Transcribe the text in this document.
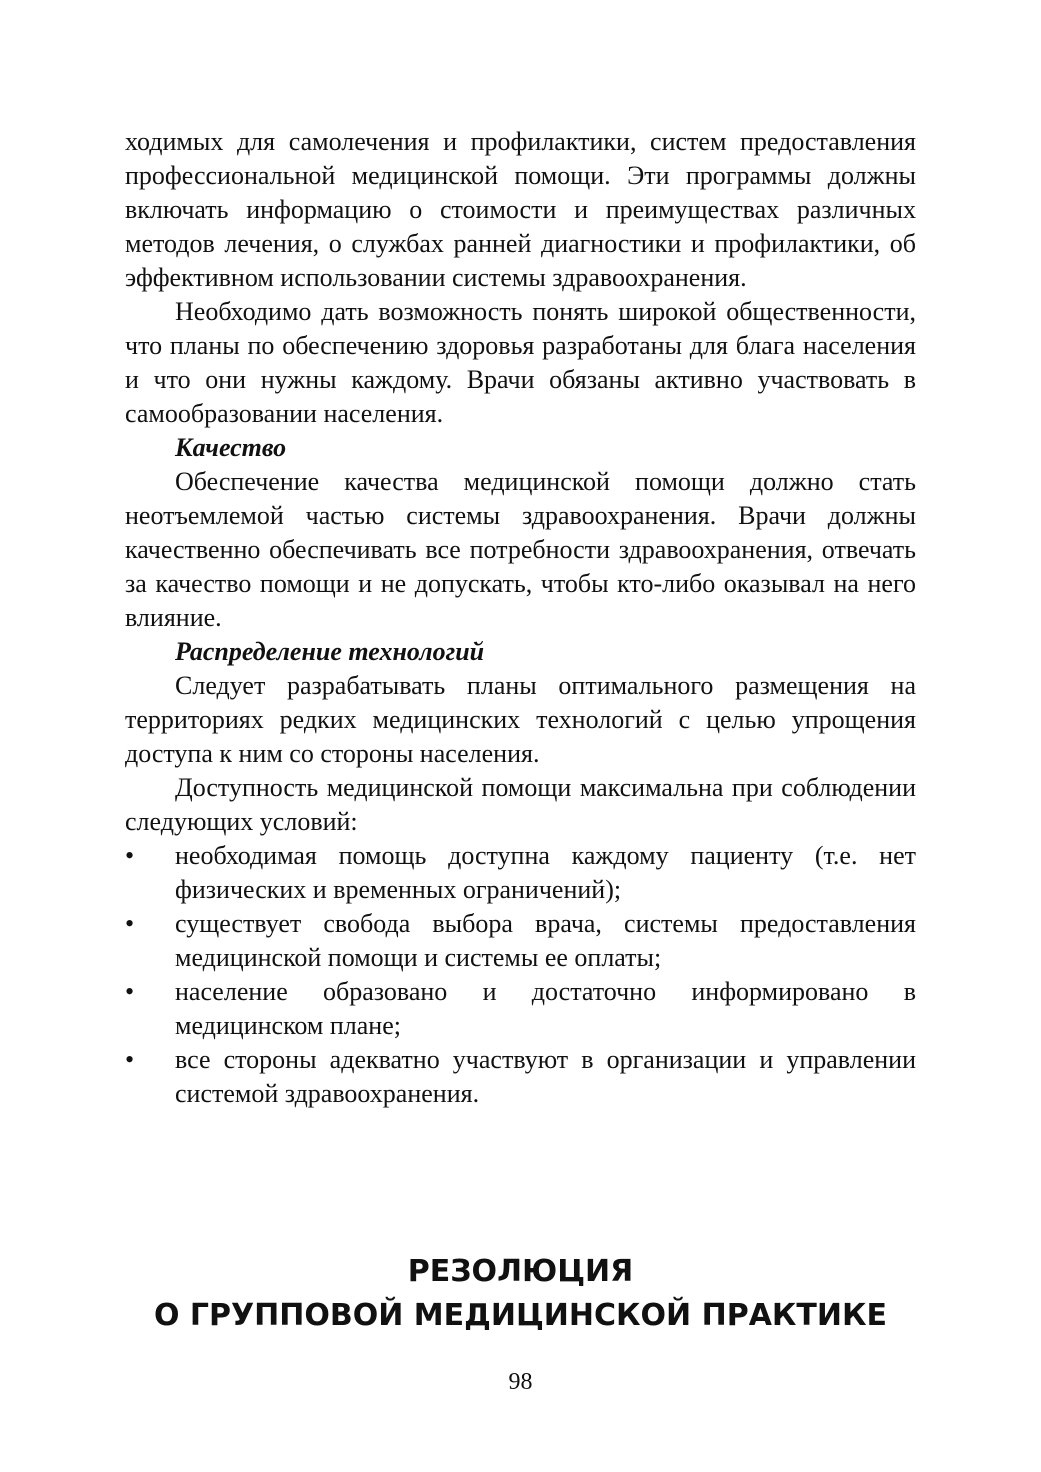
ходимых для самолечения и профилактики, систем предоставления профессиональной медицинской помощи. Эти программы должны включать информацию о стоимости и преимуществах различных методов лечения, о службах ранней диагностики и профилактики, об эффективном использовании системы здравоохранения.

Необходимо дать возможность понять широкой общественности, что планы по обеспечению здоровья разработаны для блага населения и что они нужны каждому. Врачи обязаны активно участвовать в самообразовании населения.

Качество

Обеспечение качества медицинской помощи должно стать неотъемлемой частью системы здравоохранения. Врачи должны качественно обеспечивать все потребности здравоохранения, отвечать за качество помощи и не допускать, чтобы кто-либо оказывал на него влияние.

Распределение технологий

Следует разрабатывать планы оптимального размещения на территориях редких медицинских технологий с целью упрощения доступа к ним со стороны населения.

Доступность медицинской помощи максимальна при соблюдении следующих условий:

•	необходимая помощь доступна каждому пациенту (т.е. нет физических и временных ограничений);
•	существует свобода выбора врача, системы предоставления медицинской помощи и системы ее оплаты;
•	население образовано и достаточно информировано в медицинском плане;
•	все стороны адекватно участвуют в организации и управлении системой здравоохранения.
РЕЗОЛЮЦИЯ
О ГРУППОВОЙ МЕДИЦИНСКОЙ ПРАКТИКЕ
98
